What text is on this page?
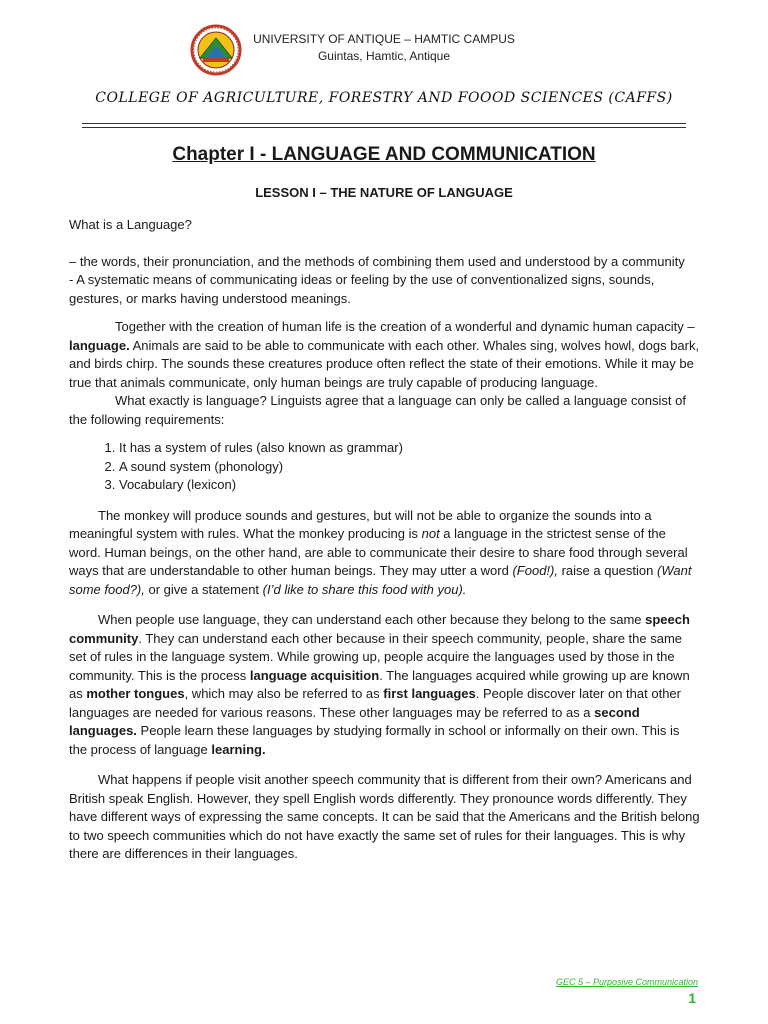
UNIVERSITY OF ANTIQUE – HAMTIC CAMPUS
Guintas, Hamtic, Antique
COLLEGE OF AGRICULTURE, FORESTRY AND FOOOD SCIENCES (CAFFS)
Chapter I - LANGUAGE AND COMMUNICATION
LESSON I – THE NATURE OF LANGUAGE

What is a Language?

– the words, their pronunciation, and the methods of combining them used and understood by a community

- A systematic means of communicating ideas or feeling by the use of conventionalized signs, sounds, gestures, or marks having understood meanings.

Together with the creation of human life is the creation of a wonderful and dynamic human capacity – language. Animals are said to be able to communicate with each other. Whales sing, wolves howl, dogs bark, and birds chirp. The sounds these creatures produce often reflect the state of their emotions. While it may be true that animals communicate, only human beings are truly capable of producing language.

What exactly is language? Linguists agree that a language can only be called a language consist of the following requirements:

1. It has a system of rules (also known as grammar)
2. A sound system (phonology)
3. Vocabulary (lexicon)

The monkey will produce sounds and gestures, but will not be able to organize the sounds into a meaningful system with rules. What the monkey producing is not a language in the strictest sense of the word. Human beings, on the other hand, are able to communicate their desire to share food through several ways that are understandable to other human beings. They may utter a word (Food!), raise a question (Want some food?), or give a statement (I’d like to share this food with you).

When people use language, they can understand each other because they belong to the same speech community. They can understand each other because in their speech community, people, share the same set of rules in the language system. While growing up, people acquire the languages used by those in the community. This is the process language acquisition. The languages acquired while growing up are known as mother tongues, which may also be referred to as first languages. People discover later on that other languages are needed for various reasons. These other languages may be referred to as a second languages. People learn these languages by studying formally in school or informally on their own. This is the process of language learning.

What happens if people visit another speech community that is different from their own? Americans and British speak English. However, they spell English words differently. They pronounce words differently. They have different ways of expressing the same concepts. It can be said that the Americans and the British belong to two speech communities which do not have exactly the same set of rules for their languages. This is why there are differences in their languages.

GEC 5 – Purposive Communication
1
